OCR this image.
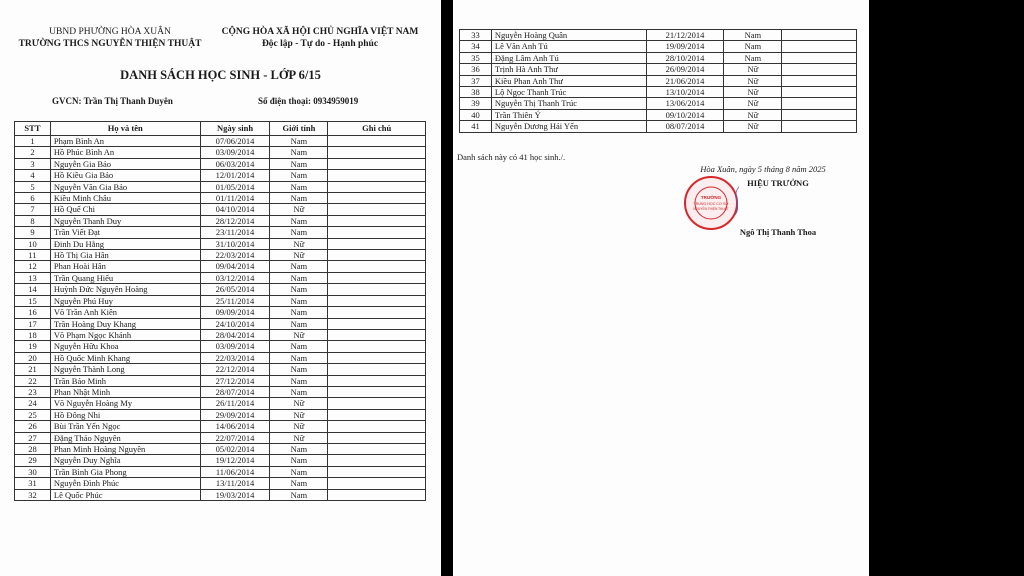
UBND PHƯỜNG HÒA XUÂN
TRƯỜNG THCS NGUYỄN THIỆN THUẬT
CỘNG HÒA XÃ HỘI CHỦ NGHĨA VIỆT NAM
Độc lập - Tự do - Hạnh phúc
DANH SÁCH HỌC SINH - LỚP 6/15
GVCN: Trần Thị Thanh Duyên	Số điện thoại: 0934959019
STT	Họ và tên	Ngày sinh	Giới tính	Ghi chú
1	Phạm Bình An	07/06/2014	Nam	
2	Hồ Phúc Bình An	03/09/2014	Nam	
3	Nguyễn Gia Bảo	06/03/2014	Nam	
4	Hồ Kiều Gia Bảo	12/01/2014	Nam	
5	Nguyễn Văn Gia Bảo	01/05/2014	Nam	
6	Kiều Minh Châu	01/11/2014	Nam	
7	Hồ Quế Chi	04/10/2014	Nữ	
8	Nguyễn Thanh Duy	28/12/2014	Nam	
9	Trần Viết Đạt	23/11/2014	Nam	
10	Đinh Du Hằng	31/10/2014	Nữ	
11	Hồ Thị Gia Hân	22/03/2014	Nữ	
12	Phan Hoài Hân	09/04/2014	Nam	
13	Trần Quang Hiếu	03/12/2014	Nam	
14	Huỳnh Đức Nguyên Hoàng	26/05/2014	Nam	
15	Nguyễn Phú Huy	25/11/2014	Nam	
16	Võ Trần Anh Kiên	09/09/2014	Nam	
17	Trần Hoàng Duy Khang	24/10/2014	Nam	
18	Võ Phạm Ngọc Khánh	28/04/2014	Nữ	
19	Nguyễn Hữu Khoa	03/09/2014	Nam	
20	Hồ Quốc Minh Khang	22/03/2014	Nam	
21	Nguyễn Thành Long	22/12/2014	Nam	
22	Trần Bảo Minh	27/12/2014	Nam	
23	Phan Nhật Minh	28/07/2014	Nam	
24	Võ Nguyễn Hoàng My	26/11/2014	Nữ	
25	Hồ Đông Nhi	29/09/2014	Nữ	
26	Bùi Trần Yến Ngọc	14/06/2014	Nữ	
27	Đặng Thảo Nguyên	22/07/2014	Nữ	
28	Phan Minh Hoàng Nguyên	05/02/2014	Nam	
29	Nguyễn Duy Nghĩa	19/12/2014	Nam	
30	Trần Bình Gia Phong	11/06/2014	Nam	
31	Nguyễn Đình Phúc	13/11/2014	Nam	
32	Lê Quốc Phúc	19/03/2014	Nam	
33	Nguyễn Hoàng Quân	21/12/2014	Nam	
34	Lê Văn Anh Tú	19/09/2014	Nam	
35	Đặng Lâm Anh Tú	28/10/2014	Nam	
36	Trịnh Hà Anh Thư	26/09/2014	Nữ	
37	Kiều Phan Anh Thư	21/06/2014	Nữ	
38	Lộ Ngọc Thanh Trúc	13/10/2014	Nữ	
39	Nguyễn Thị Thanh Trúc	13/06/2014	Nữ	
40	Trần Thiên Ý	09/10/2014	Nữ	
41	Nguyễn Dương Hải Yến	08/07/2014	Nữ	
Danh sách này có 41 học sinh./.
Hòa Xuân, ngày 5 tháng 8 năm 2025
HIỆU TRƯỞNG
Ngô Thị Thanh Thoa
TRƯỜNG
TRUNG HỌC CƠ SỞ
NGUYỄN THIỆN THUẬT
